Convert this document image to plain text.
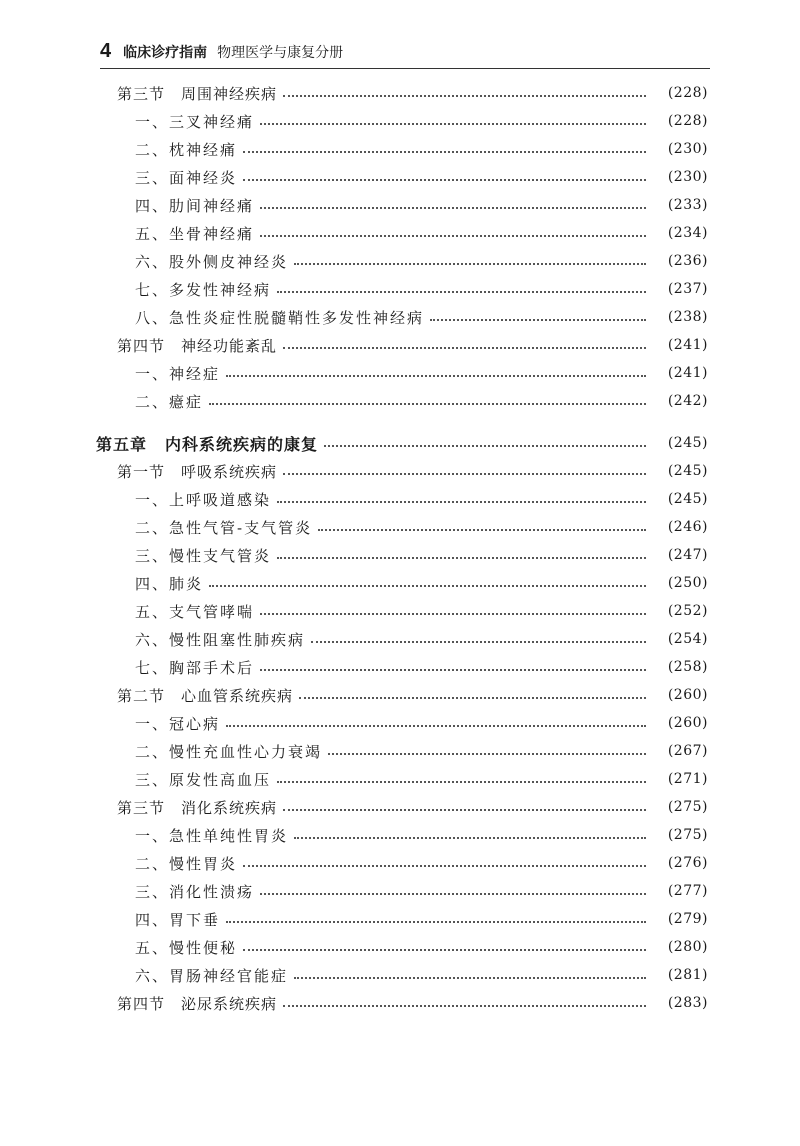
4 临床诊疗指南 物理医学与康复分册
第三节 周围神经疾病	(228)
一、三叉神经痛	(228)
二、枕神经痛	(230)
三、面神经炎	(230)
四、肋间神经痛	(233)
五、坐骨神经痛	(234)
六、股外侧皮神经炎	(236)
七、多发性神经病	(237)
八、急性炎症性脱髓鞘性多发性神经病	(238)
第四节 神经功能紊乱	(241)
一、神经症	(241)
二、癔症	(242)
第五章 内科系统疾病的康复	(245)
第一节 呼吸系统疾病	(245)
一、上呼吸道感染	(245)
二、急性气管-支气管炎	(246)
三、慢性支气管炎	(247)
四、肺炎	(250)
五、支气管哮喘	(252)
六、慢性阻塞性肺疾病	(254)
七、胸部手术后	(258)
第二节 心血管系统疾病	(260)
一、冠心病	(260)
二、慢性充血性心力衰竭	(267)
三、原发性高血压	(271)
第三节 消化系统疾病	(275)
一、急性单纯性胃炎	(275)
二、慢性胃炎	(276)
三、消化性溃疡	(277)
四、胃下垂	(279)
五、慢性便秘	(280)
六、胃肠神经官能症	(281)
第四节 泌尿系统疾病	(283)
